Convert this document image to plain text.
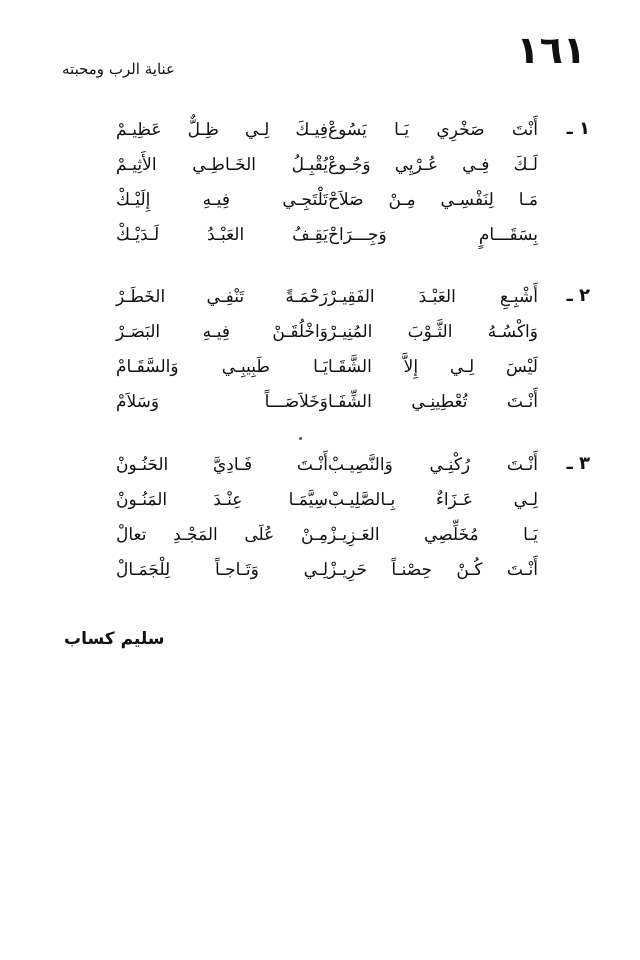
١٦١
عناية الرب ومحبته
١ ـ
أَنْتَ صَخْرِي يَـا يَسُوعْ
فِيـكَ لِـي ظِـلٌّ عَظِيـمْ
لَـكَ فِـي عُـرْيِي وَجُـوعْ
يُقْبِـلُ الخَـاطِـي الأَثِيـمْ
مَـا لِنَفْسِـي مِـنْ صَلاَحْ
تَلْتَجِـي فِيـهِ إِلَيْـكْ
بِسَقَـــامٍ وَجِـــرَاحْ
يَقِـفُ العَبْـدُ لَـدَيْـكْ
٢ ـ
أَشْبِـعِ العَبْـدَ الفَقِيـرْ
رَحْمَـةً تَنْفِـي الخَطَـرْ
وَاكْسُـهُ الثَّـوْبَ المُنِيـرْ
وَاخْلُقَـنْ فِيـهِ البَصَـرْ
لَيْسَ لِـي إِلاَّ الشَّقَـا
يَـا طَبِيبِـي وَالسَّقَـامْ
أَنْـتَ تُعْطِينِـي الشِّفَـا
وَخَلاَصَـــاً وَسَلاَمْ
٣ ـ
أَنْـتَ رُكْنِـي وَالنَّصِيـبْ
أَنْـتَ فَـادِيَّ الحَنُـونْ
لِـي عَـزَاءٌ بِـالصَّلِيـبْ
سِيَّمَـا عِنْـدَ المَنُـونْ
يَـا مُخَلِّصِي العَـزِيـزْ
مِـنْ عُلَى المَجْـدِ تعالْ
أَنْـتَ كُـنْ حِصْنـاً حَرِيـزْ
لِـي وَتَـاجـاً لِلْجَمَـالْ
سليم كساب
